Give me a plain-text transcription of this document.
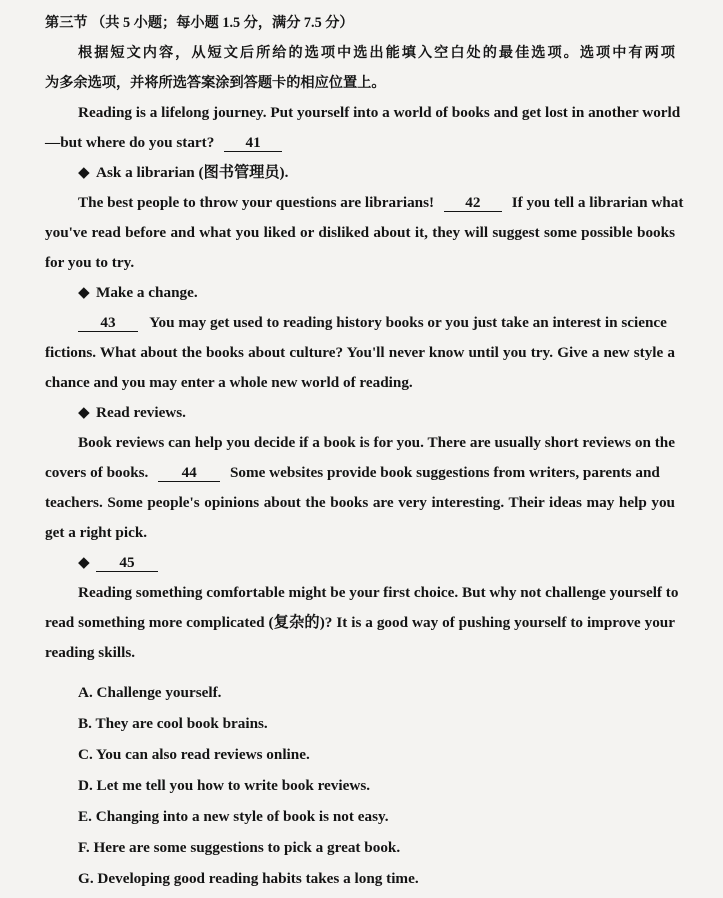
第三节 （共 5 小题；每小题 1.5 分，满分 7.5 分）
根据短文内容，从短文后所给的选项中选出能填入空白处的最佳选项。选项中有两项
为多余选项，并将所选答案涂到答题卡的相应位置上。
Reading is a lifelong journey. Put yourself into a world of books and get lost in another world
—but where do you start? 41
◆ Ask a librarian (图书管理员).
The best people to throw your questions are librarians! 42 If you tell a librarian what
you've read before and what you liked or disliked about it, they will suggest some possible books
for you to try.
◆ Make a change.
43 You may get used to reading history books or you just take an interest in science
fictions. What about the books about culture? You'll never know until you try. Give a new style a
chance and you may enter a whole new world of reading.
◆ Read reviews.
Book reviews can help you decide if a book is for you. There are usually short reviews on the
covers of books. 44 Some websites provide book suggestions from writers, parents and
teachers. Some people's opinions about the books are very interesting. Their ideas may help you
get a right pick.
◆ 45
Reading something comfortable might be your first choice. But why not challenge yourself to
read something more complicated (复杂的)? It is a good way of pushing yourself to improve your
reading skills.
A. Challenge yourself.
B. They are cool book brains.
C. You can also read reviews online.
D. Let me tell you how to write book reviews.
E. Changing into a new style of book is not easy.
F. Here are some suggestions to pick a great book.
G. Developing good reading habits takes a long time.
